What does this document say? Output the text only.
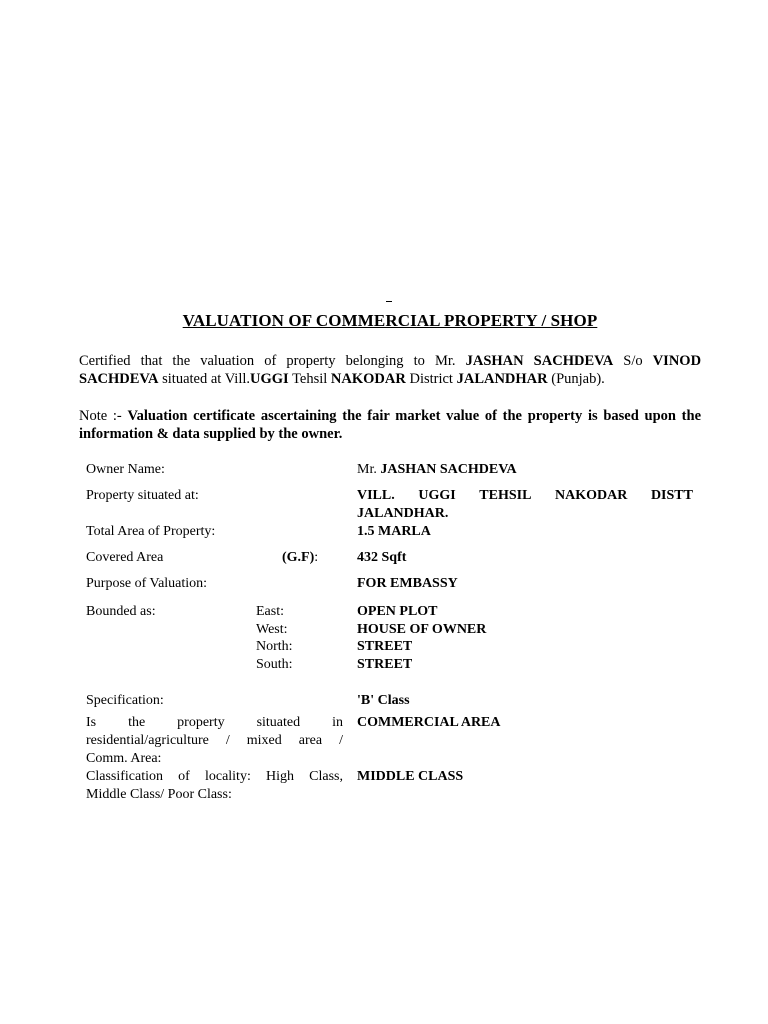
VALUATION OF COMMERCIAL PROPERTY / SHOP
Certified that the valuation of property belonging to Mr. JASHAN SACHDEVA S/o VINOD SACHDEVA situated at Vill.UGGI Tehsil NAKODAR District JALANDHAR (Punjab).
Note :- Valuation certificate ascertaining the fair market value of the property is based upon the information & data supplied by the owner.
Owner Name:	Mr. JASHAN SACHDEVA
Property situated at:	VILL. UGGI TEHSIL NAKODAR DISTT
JALANDHAR.
Total Area of Property:	1.5 MARLA
Covered Area	(G.F):	432 Sqft
Purpose of Valuation:	FOR EMBASSY
Bounded as:	East:	OPEN PLOT
West:	HOUSE OF OWNER
North:	STREET
South:	STREET
Specification:	'B' Class
Is the property situated in
residential/agriculture / mixed area /
Comm. Area:
COMMERCIAL AREA
Classification of locality: High Class,
Middle Class/ Poor Class:
MIDDLE CLASS
